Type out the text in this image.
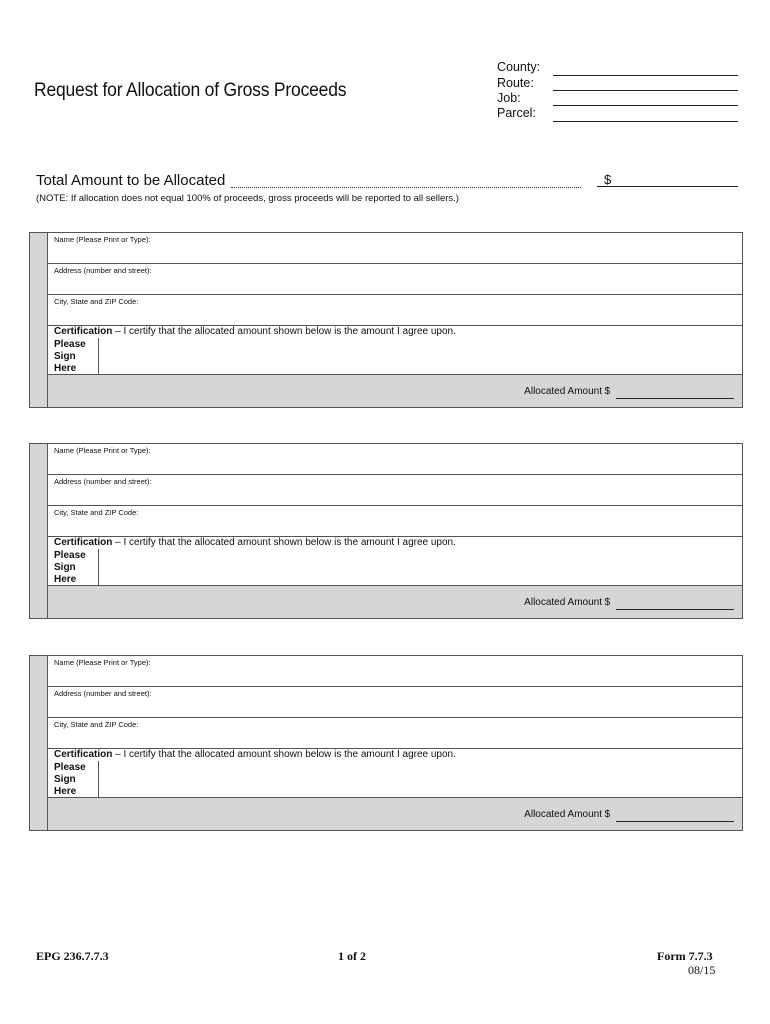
Request for Allocation of Gross Proceeds
County:
Route:
Job:
Parcel:
Total Amount to be Allocated	$
(NOTE: If allocation does not equal 100% of proceeds, gross proceeds will be reported to all sellers.)
Name (Please Print or Type):
Address (number and street):
City, State and ZIP Code:
Certification – I certify that the allocated amount shown below is the amount I agree upon.
Please
Sign
Here
Allocated Amount $
Name (Please Print or Type):
Address (number and street):
City, State and ZIP Code:
Certification – I certify that the allocated amount shown below is the amount I agree upon.
Please
Sign
Here
Allocated Amount $
Name (Please Print or Type):
Address (number and street):
City, State and ZIP Code:
Certification – I certify that the allocated amount shown below is the amount I agree upon.
Please
Sign
Here
Allocated Amount $
EPG 236.7.7.3	1 of 2	Form 7.7.3
08/15
